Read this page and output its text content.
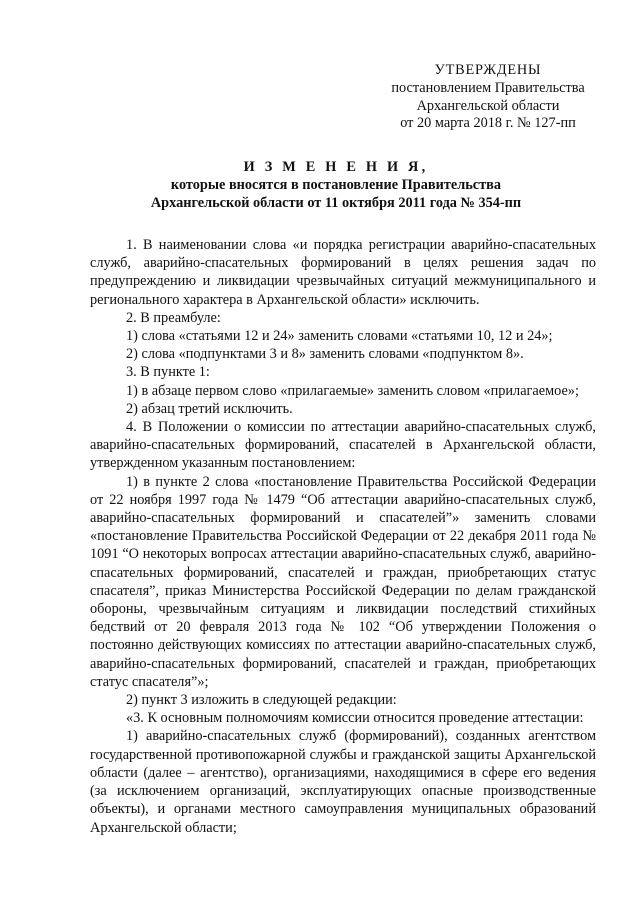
УТВЕРЖДЕНЫ
постановлением Правительства
Архангельской области
от 20 марта 2018 г. № 127-пп
И З М Е Н Е Н И Я,
которые вносятся в постановление Правительства
Архангельской области от 11 октября 2011 года № 354-пп

1. В наименовании слова «и порядка регистрации аварийно-спасательных служб, аварийно-спасательных формирований в целях решения задач по предупреждению и ликвидации чрезвычайных ситуаций межмуниципального и регионального характера в Архангельской области» исключить.

2. В преамбуле:

1) слова «статьями 12 и 24» заменить словами «статьями 10, 12 и 24»;

2) слова «подпунктами 3 и 8» заменить словами «подпунктом 8».

3. В пункте 1:

1) в абзаце первом слово «прилагаемые» заменить словом «прилагаемое»;

2) абзац третий исключить.

4. В Положении о комиссии по аттестации аварийно-спасательных служб, аварийно-спасательных формирований, спасателей в Архангельской области, утвержденном указанным постановлением:

1) в пункте 2 слова «постановление Правительства Российской Федерации от 22 ноября 1997 года № 1479 “Об аттестации аварийно-спасательных служб, аварийно-спасательных формирований и спасателей”» заменить словами «постановление Правительства Российской Федерации от 22 декабря 2011 года № 1091 “О некоторых вопросах аттестации аварийно-спасательных служб, аварийно-спасательных формирований, спасателей и граждан, приобретающих статус спасателя”, приказ Министерства Российской Федерации по делам гражданской обороны, чрезвычайным ситуациям и ликвидации последствий стихийных бедствий от 20 февраля 2013 года № 102 “Об утверждении Положения о постоянно действующих комиссиях по аттестации аварийно-спасательных служб, аварийно-спасательных формирований, спасателей и граждан, приобретающих статус спасателя”»;

2) пункт 3 изложить в следующей редакции:

«3. К основным полномочиям комиссии относится проведение аттестации:

1) аварийно-спасательных служб (формирований), созданных агентством государственной противопожарной службы и гражданской защиты Архангельской области (далее – агентство), организациями, находящимися в сфере его ведения (за исключением организаций, эксплуатирующих опасные производственные объекты), и органами местного самоуправления муниципальных образований Архангельской области;
